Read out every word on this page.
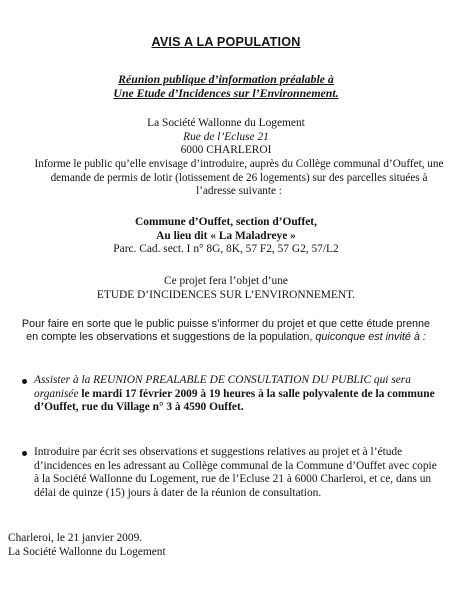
AVIS A LA POPULATION
Réunion publique d’information préalable à
Une Etude d’Incidences sur l’Environnement.
La Société Wallonne du Logement
Rue de l’Ecluse 21
6000 CHARLEROI
Informe le public qu’elle envisage d’introduire, auprès du Collège communal d’Ouffet, une demande de permis de lotir (lotissement de 26 logements) sur des parcelles situées à l’adresse suivante :
Commune d’Ouffet, section d’Ouffet,
Au lieu dit « La Maladreye »
Parc. Cad. sect. I n° 8G, 8K, 57 F2, 57 G2, 57/L2
Ce projet fera l’objet d’une
ETUDE D’INCIDENCES SUR L’ENVIRONNEMENT.
Pour faire en sorte que le public puisse s’informer du projet et que cette étude prenne en compte les observations et suggestions de la population, quiconque est invité à :
Assister à la REUNION PREALABLE DE CONSULTATION DU PUBLIC qui sera organisée le mardi 17 février 2009 à 19 heures à la salle polyvalente de la commune d’Ouffet, rue du Village n° 3 à 4590 Ouffet.
Introduire par écrit ses observations et suggestions relatives au projet et à l’étude d’incidences en les adressant au Collège communal de la Commune d’Ouffet avec copie à la Société Wallonne du Logement, rue de l’Ecluse 21 à 6000 Charleroi, et ce, dans un délai de quinze (15) jours à dater de la réunion de consultation.
Charleroi, le 21 janvier 2009.
La Société Wallonne du Logement
